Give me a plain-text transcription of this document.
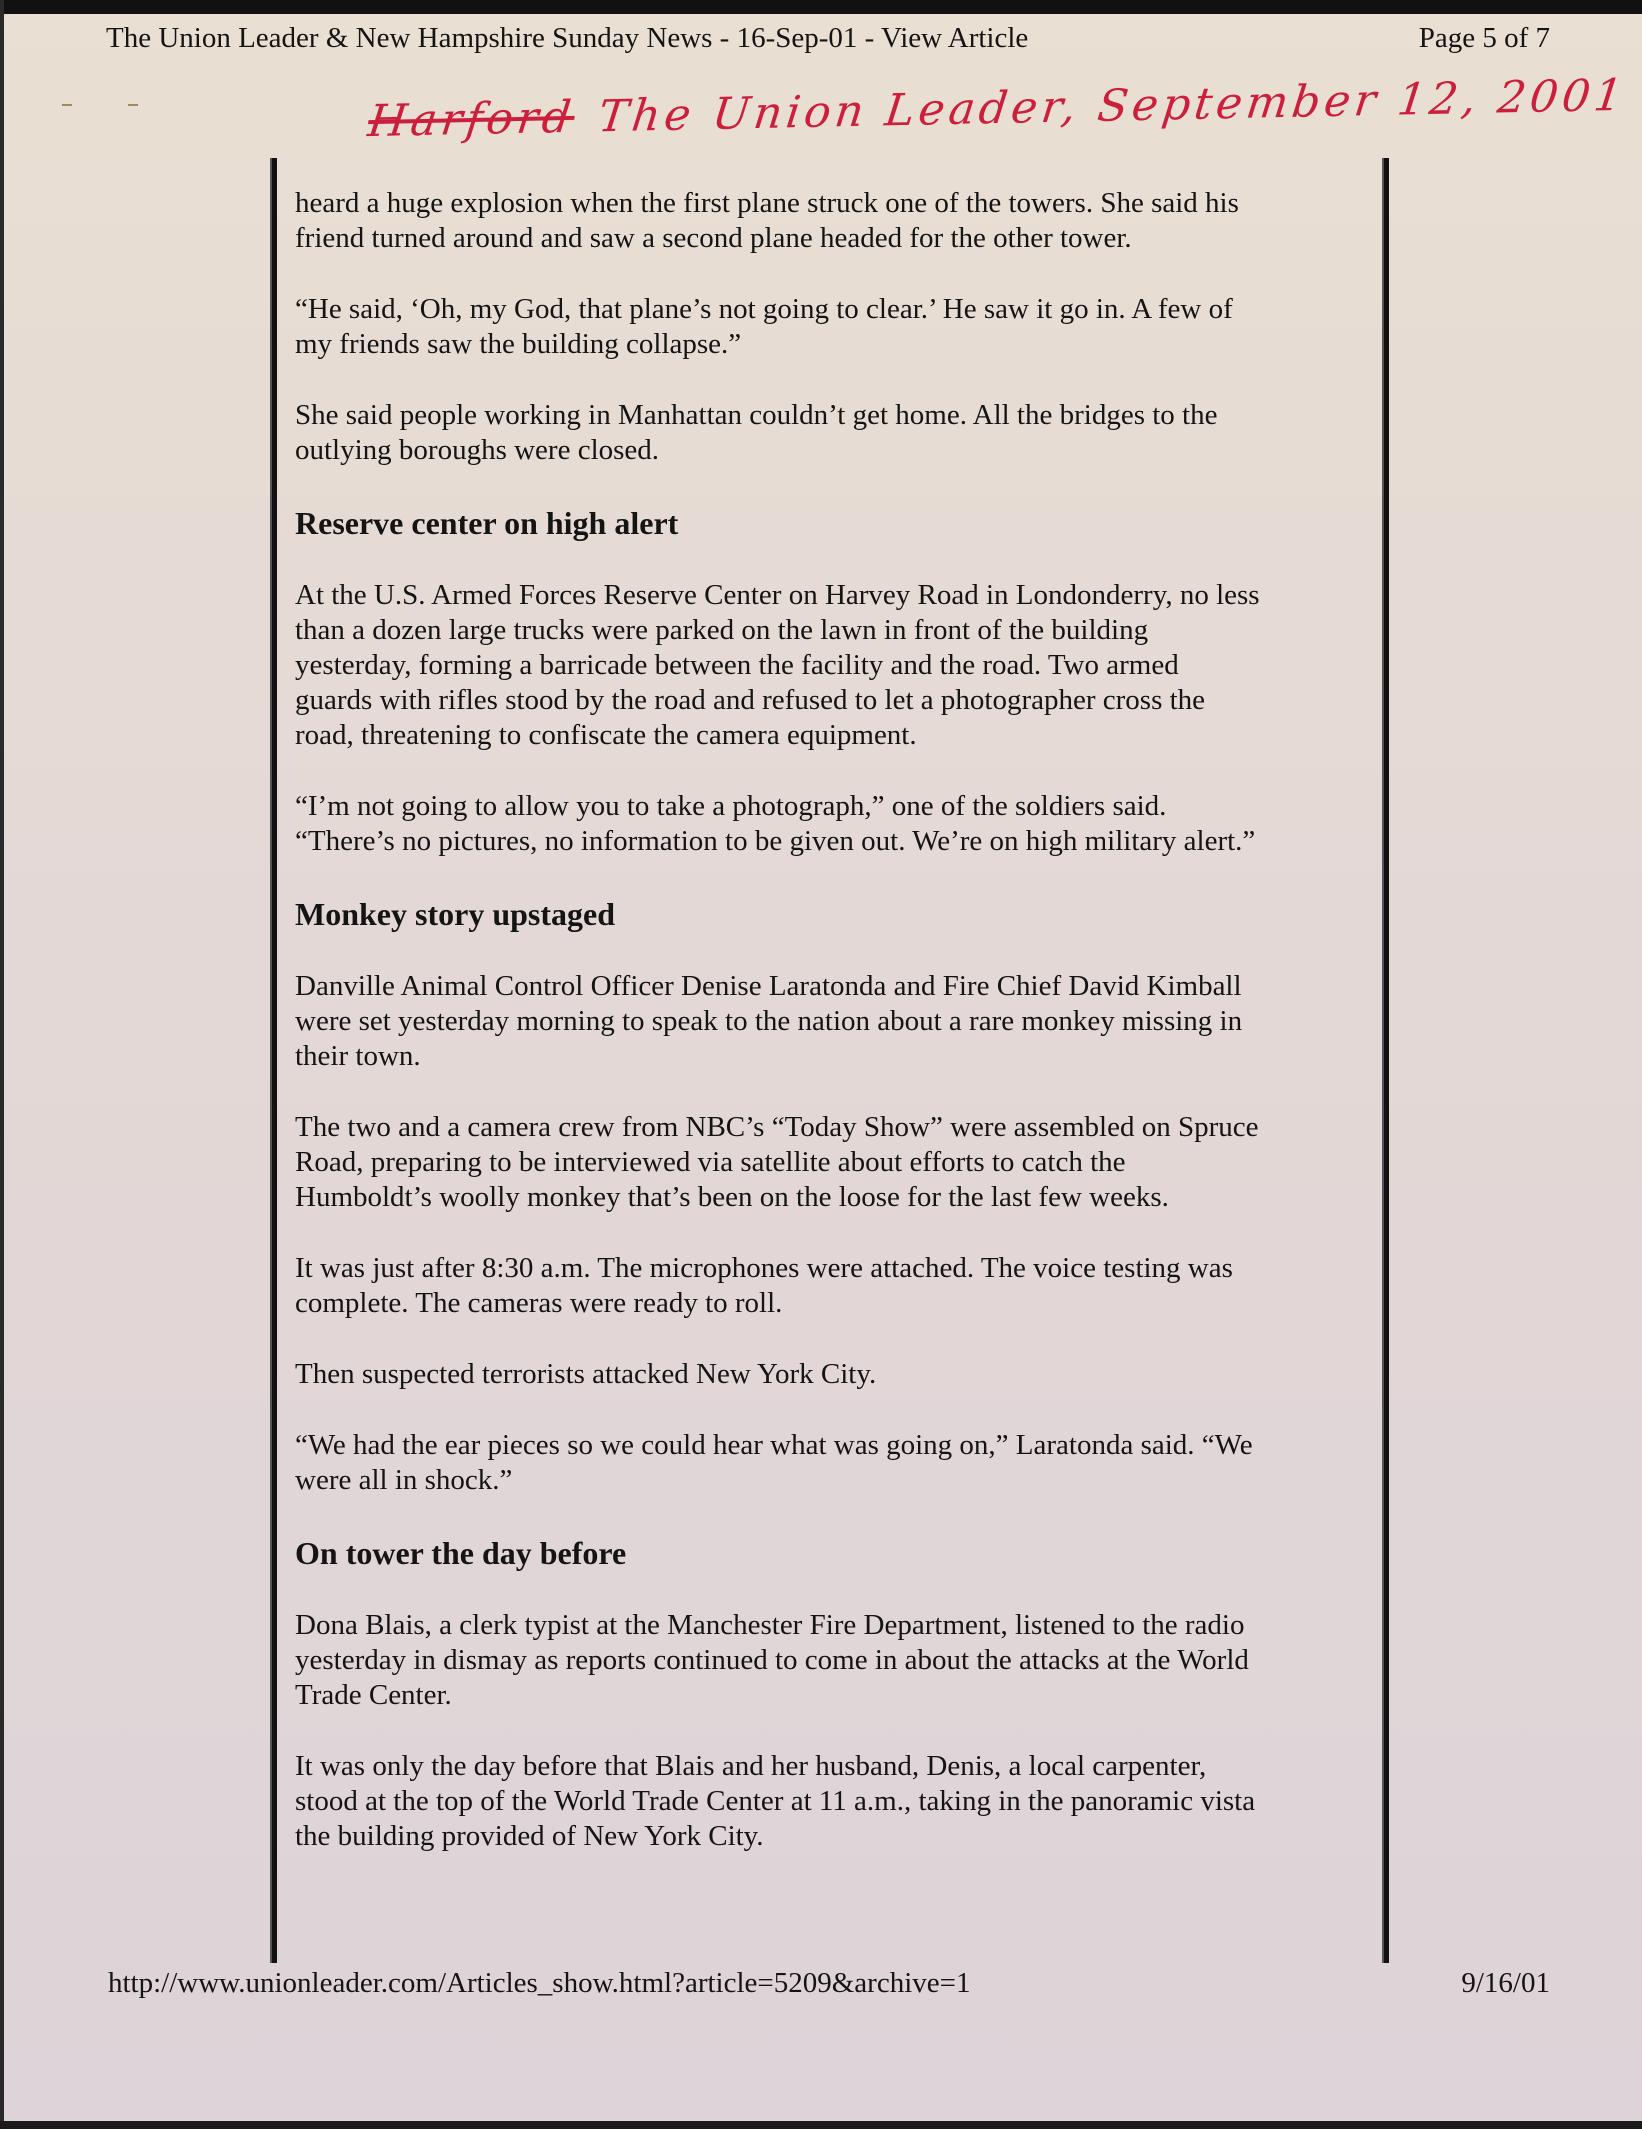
The Union Leader & New Hampshire Sunday News - 16-Sep-01 - View Article	Page 5 of 7
Harford The Union Leader, September 12, 2001
heard a huge explosion when the first plane struck one of the towers. She said his
friend turned around and saw a second plane headed for the other tower.
“He said, ‘Oh, my God, that plane’s not going to clear.’ He saw it go in. A few of
my friends saw the building collapse.”
She said people working in Manhattan couldn’t get home. All the bridges to the
outlying boroughs were closed.
Reserve center on high alert
At the U.S. Armed Forces Reserve Center on Harvey Road in Londonderry, no less
than a dozen large trucks were parked on the lawn in front of the building
yesterday, forming a barricade between the facility and the road. Two armed
guards with rifles stood by the road and refused to let a photographer cross the
road, threatening to confiscate the camera equipment.
“I’m not going to allow you to take a photograph,” one of the soldiers said.
“There’s no pictures, no information to be given out. We’re on high military alert.”
Monkey story upstaged
Danville Animal Control Officer Denise Laratonda and Fire Chief David Kimball
were set yesterday morning to speak to the nation about a rare monkey missing in
their town.
The two and a camera crew from NBC’s “Today Show” were assembled on Spruce
Road, preparing to be interviewed via satellite about efforts to catch the
Humboldt’s woolly monkey that’s been on the loose for the last few weeks.
It was just after 8:30 a.m. The microphones were attached. The voice testing was
complete. The cameras were ready to roll.
Then suspected terrorists attacked New York City.
“We had the ear pieces so we could hear what was going on,” Laratonda said. “We
were all in shock.”
On tower the day before
Dona Blais, a clerk typist at the Manchester Fire Department, listened to the radio
yesterday in dismay as reports continued to come in about the attacks at the World
Trade Center.
It was only the day before that Blais and her husband, Denis, a local carpenter,
stood at the top of the World Trade Center at 11 a.m., taking in the panoramic vista
the building provided of New York City.
http://www.unionleader.com/Articles_show.html?article=5209&archive=1	9/16/01
